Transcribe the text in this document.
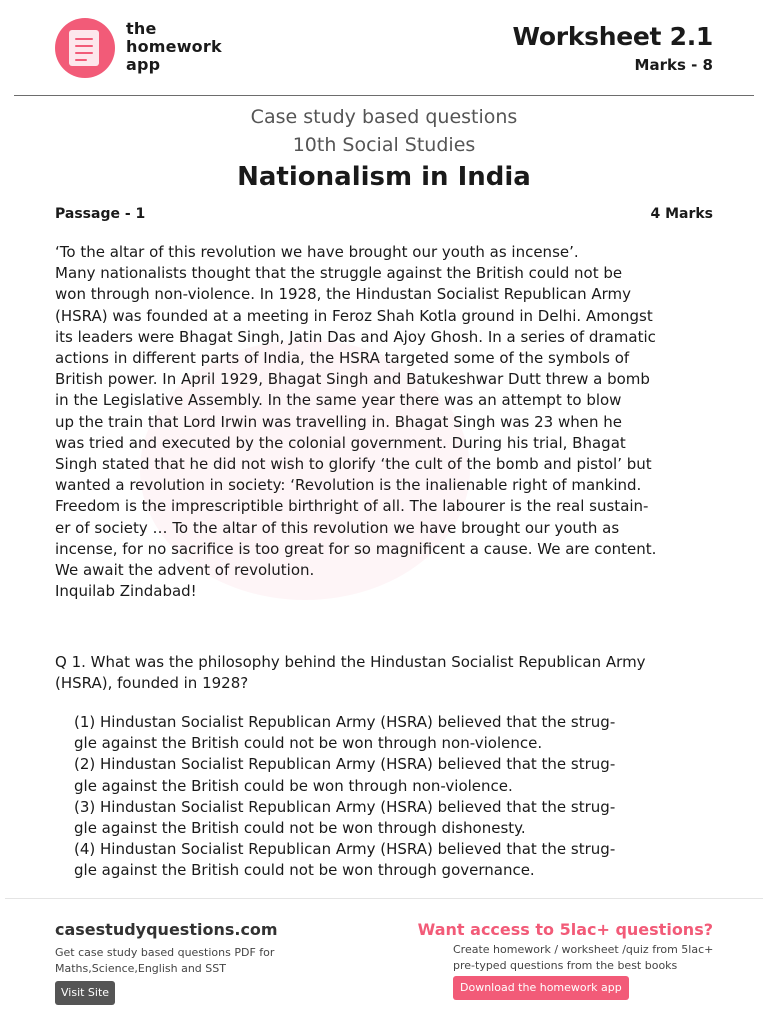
the
homework
app
Worksheet 2.1
Marks - 8
Case study based questions
10th Social Studies
Nationalism in India
Passage - 1	4 Marks
‘To the altar of this revolution we have brought our youth as incense’.
Many nationalists thought that the struggle against the British could not be
won through non-violence. In 1928, the Hindustan Socialist Republican Army
(HSRA) was founded at a meeting in Feroz Shah Kotla ground in Delhi. Amongst
its leaders were Bhagat Singh, Jatin Das and Ajoy Ghosh. In a series of dramatic
actions in different parts of India, the HSRA targeted some of the symbols of
British power. In April 1929, Bhagat Singh and Batukeshwar Dutt threw a bomb
in the Legislative Assembly. In the same year there was an attempt to blow
up the train that Lord Irwin was travelling in. Bhagat Singh was 23 when he
was tried and executed by the colonial government. During his trial, Bhagat
Singh stated that he did not wish to glorify ‘the cult of the bomb and pistol’ but
wanted a revolution in society: ‘Revolution is the inalienable right of mankind.
Freedom is the imprescriptible birthright of all. The labourer is the real sustain-
er of society … To the altar of this revolution we have brought our youth as
incense, for no sacrifice is too great for so magnificent a cause. We are content.
We await the advent of revolution.
Inquilab Zindabad!
Q 1. What was the philosophy behind the Hindustan Socialist Republican Army
(HSRA), founded in 1928?
(1) Hindustan Socialist Republican Army (HSRA) believed that the strug-
gle against the British could not be won through non-violence.
(2) Hindustan Socialist Republican Army (HSRA) believed that the strug-
gle against the British could be won through non-violence.
(3) Hindustan Socialist Republican Army (HSRA) believed that the strug-
gle against the British could not be won through dishonesty.
(4) Hindustan Socialist Republican Army (HSRA) believed that the strug-
gle against the British could not be won through governance.
casestudyquestions.com
Get case study based questions PDF for Maths,Science,English and SST
Visit Site
Want access to 5lac+ questions?
Create homework / worksheet /quiz from 5lac+
pre-typed questions from the best books
Download the homework app
